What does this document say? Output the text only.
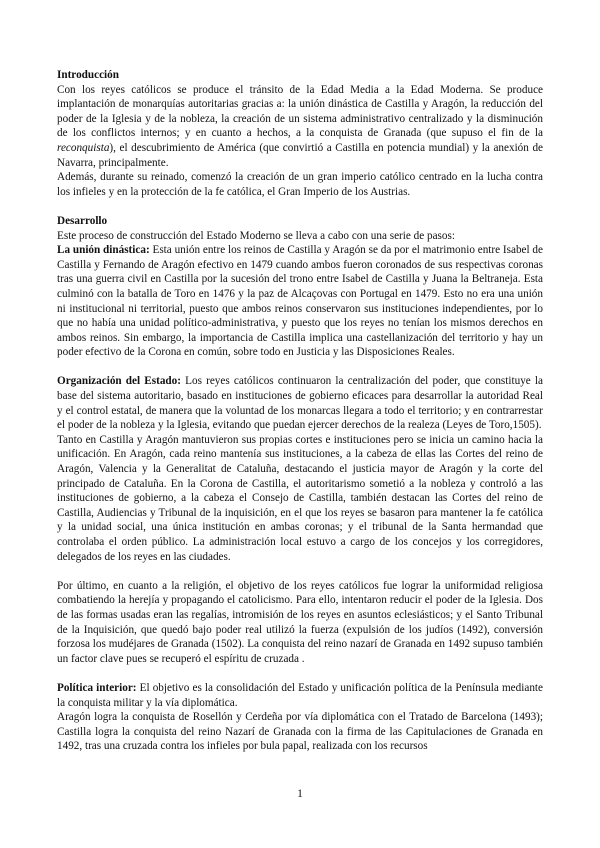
Introducción

Con los reyes católicos se produce el tránsito de la Edad Media a la Edad Moderna. Se produce implantación de monarquías autoritarias gracias a: la unión dinástica de Castilla y Aragón, la reducción del poder de la Iglesia y de la nobleza, la creación de un sistema administrativo centralizado y la disminución de los conflictos internos; y en cuanto a hechos, a la conquista de Granada (que supuso el fin de la reconquista), el descubrimiento de América (que convirtió a Castilla en potencia mundial) y la anexión de Navarra, principalmente.

Además, durante su reinado, comenzó la creación de un gran imperio católico centrado en la lucha contra los infieles y en la protección de la fe católica, el Gran Imperio de los Austrias.

Desarrollo

Este proceso de construcción del Estado Moderno se lleva a cabo con una serie de pasos:

La unión dinástica: Esta unión entre los reinos de Castilla y Aragón se da por el matrimonio entre Isabel de Castilla y Fernando de Aragón efectivo en 1479 cuando ambos fueron coronados de sus respectivas coronas tras una guerra civil en Castilla por la sucesión del trono entre Isabel de Castilla y Juana la Beltraneja. Esta culminó con la batalla de Toro en 1476 y la paz de Alcaçovas con Portugal en 1479. Esto no era una unión ni institucional ni territorial, puesto que ambos reinos conservaron sus instituciones independientes, por lo que no había una unidad político-administrativa, y puesto que los reyes no tenían los mismos derechos en ambos reinos. Sin embargo, la importancia de Castilla implica una castellanización del territorio y hay un poder efectivo de la Corona en común, sobre todo en Justicia y las Disposiciones Reales.

Organización del Estado: Los reyes católicos continuaron la centralización del poder, que constituye la base del sistema autoritario, basado en instituciones de gobierno eficaces para desarrollar la autoridad Real y el control estatal, de manera que la voluntad de los monarcas llegara a todo el territorio; y en contrarrestar el poder de la nobleza y la Iglesia, evitando que puedan ejercer derechos de la realeza (Leyes de Toro,1505).

Tanto en Castilla y Aragón mantuvieron sus propias cortes e instituciones pero se inicia un camino hacia la unificación. En Aragón, cada reino mantenía sus instituciones, a la cabeza de ellas las Cortes del reino de Aragón, Valencia y la Generalitat de Cataluña, destacando el justicia mayor de Aragón y la corte del principado de Cataluña. En la Corona de Castilla, el autoritarismo sometió a la nobleza y controló a las instituciones de gobierno, a la cabeza el Consejo de Castilla, también destacan las Cortes del reino de Castilla, Audiencias y Tribunal de la inquisición, en el que los reyes se basaron para mantener la fe católica y la unidad social, una única institución en ambas coronas; y el tribunal de la Santa hermandad que controlaba el orden público. La administración local estuvo a cargo de los concejos y los corregidores, delegados de los reyes en las ciudades.

Por último, en cuanto a la religión, el objetivo de los reyes católicos fue lograr la uniformidad religiosa combatiendo la herejía y propagando el catolicismo. Para ello, intentaron reducir el poder de la Iglesia. Dos de las formas usadas eran las regalías, intromisión de los reyes en asuntos eclesiásticos; y el Santo Tribunal de la Inquisición, que quedó bajo poder real utilizó la fuerza (expulsión de los judíos (1492), conversión forzosa los mudéjares de Granada (1502). La conquista del reino nazarí de Granada en 1492 supuso también un factor clave pues se recuperó el espíritu de cruzada .

Política interior: El objetivo es la consolidación del Estado y unificación política de la Península mediante la conquista militar y la vía diplomática.

Aragón logra la conquista de Rosellón y Cerdeña por vía diplomática con el Tratado de Barcelona (1493); Castilla logra la conquista del reino Nazarí de Granada con la firma de las Capitulaciones de Granada en 1492, tras una cruzada contra los infieles por bula papal, realizada con los recursos

1
